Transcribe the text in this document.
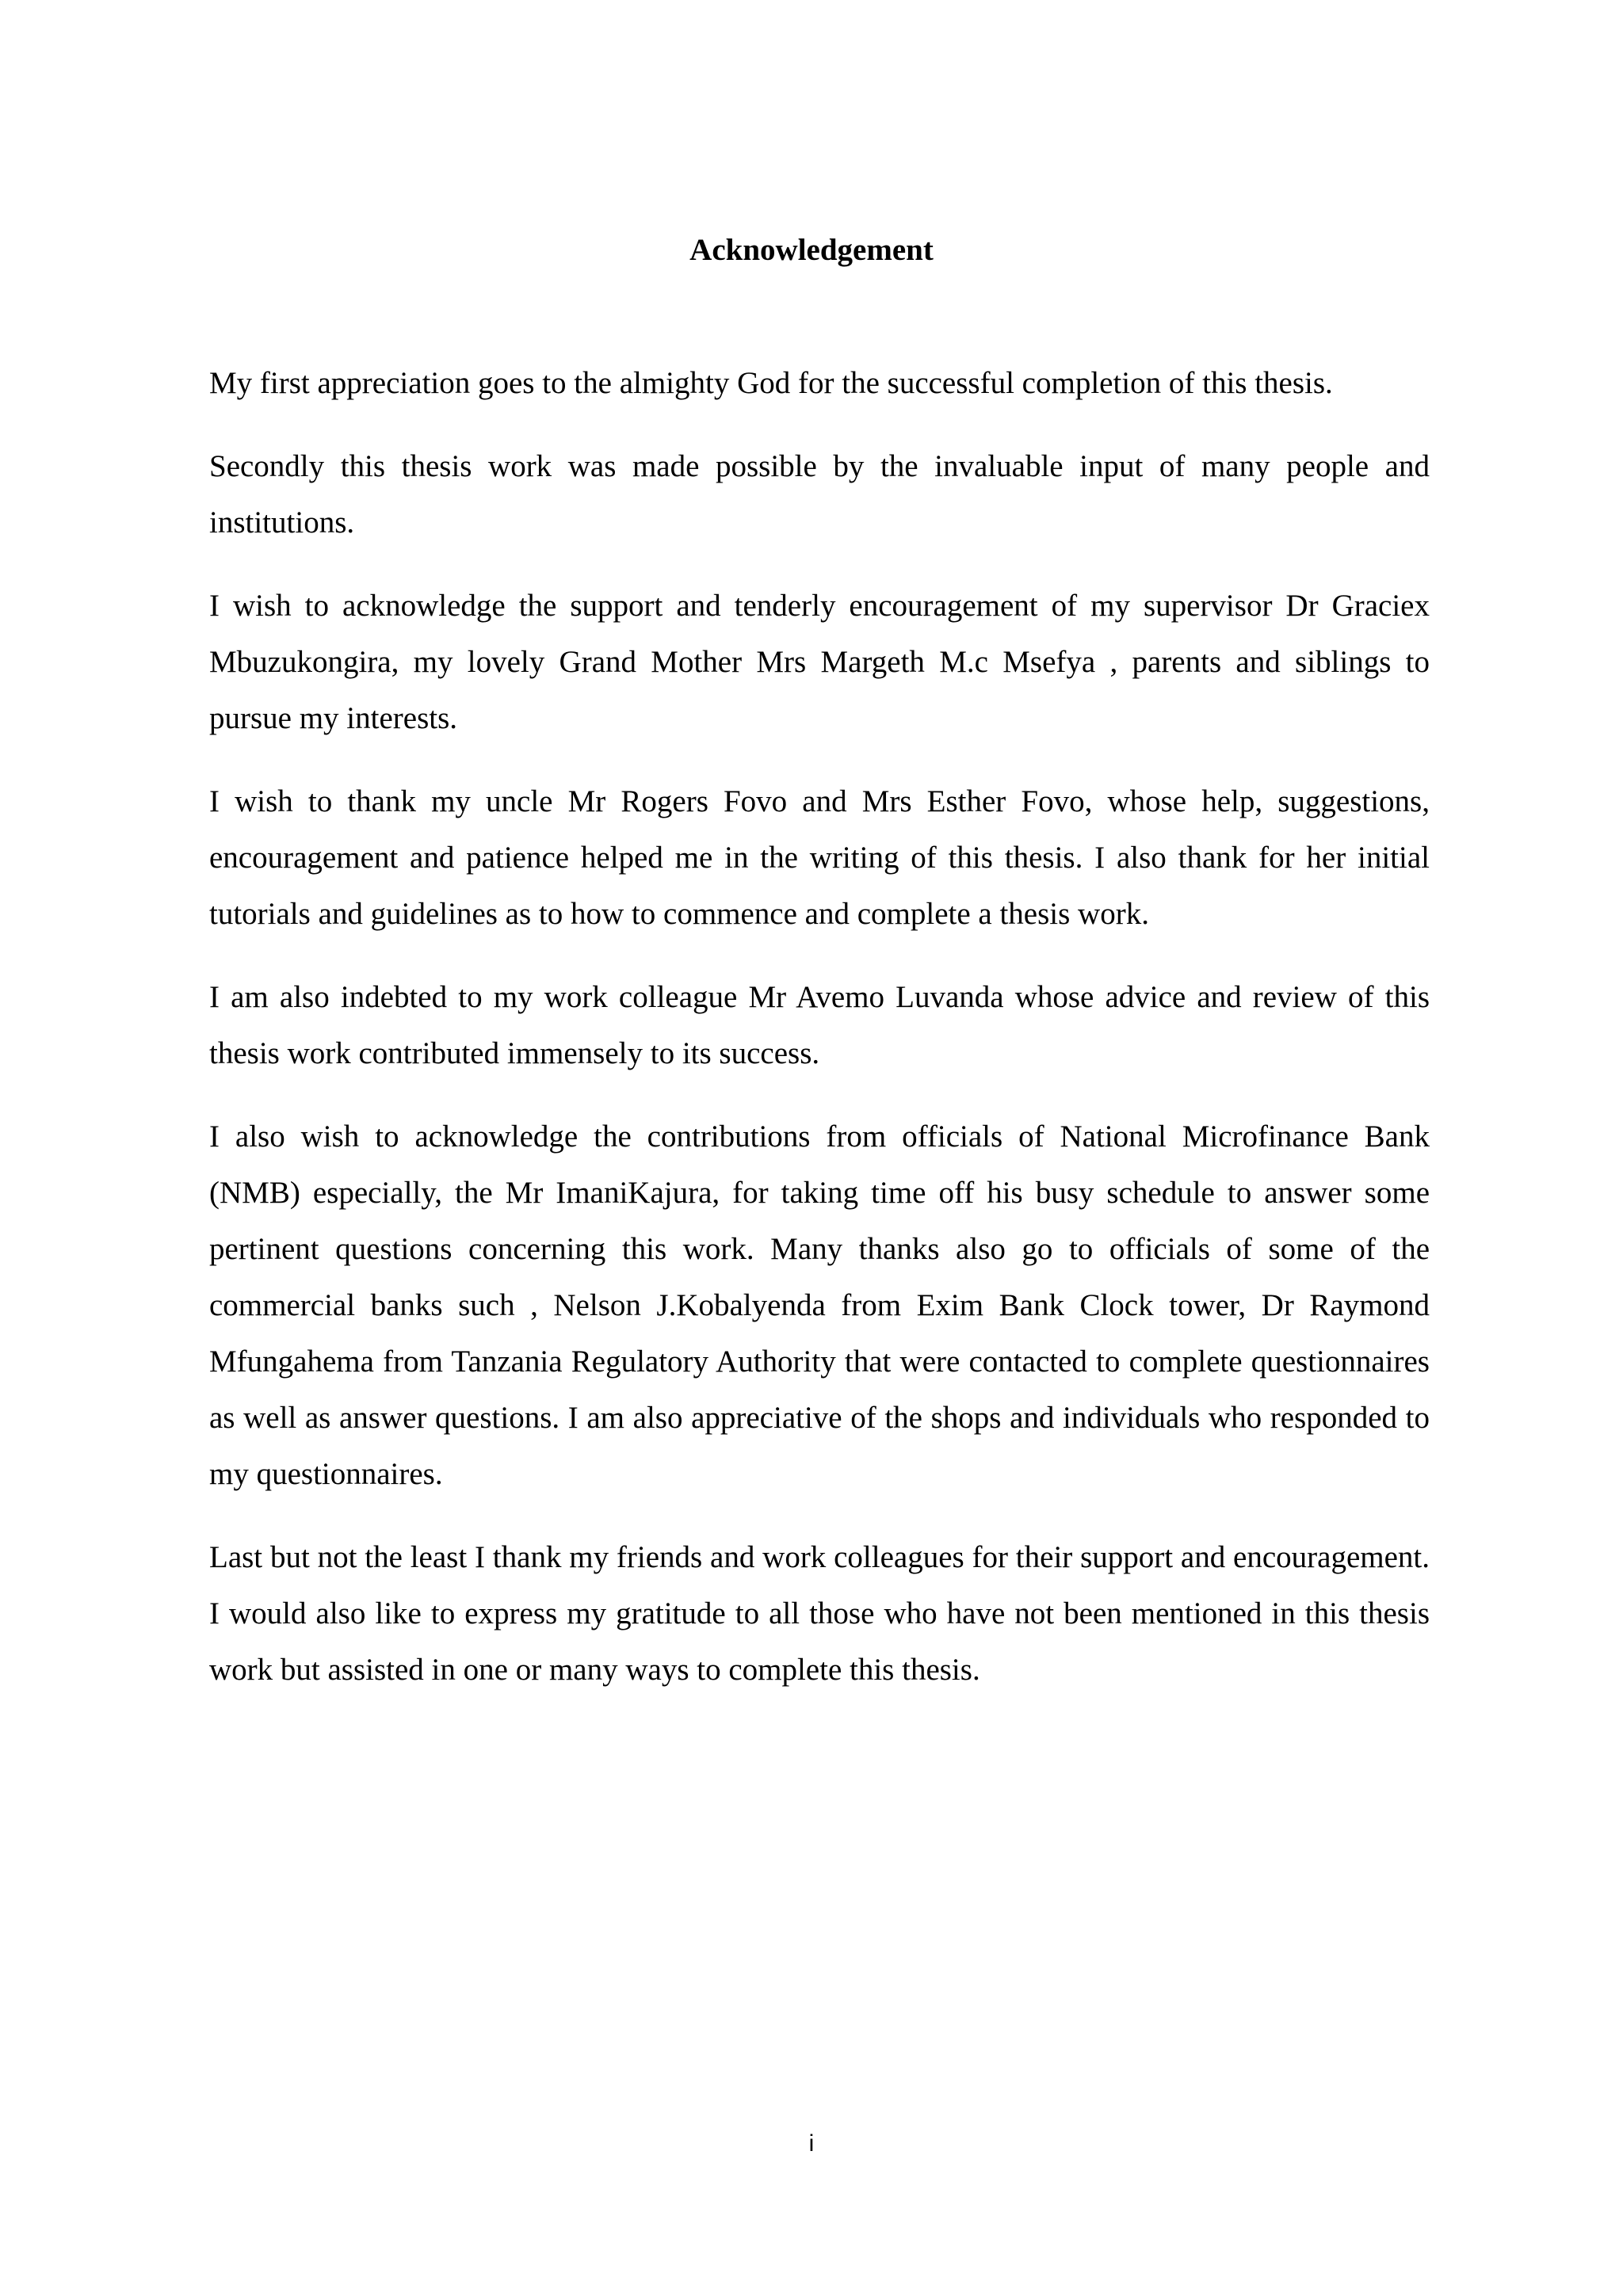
Acknowledgement

My first appreciation goes to the almighty God for the successful completion of this thesis.

Secondly this thesis work was made possible by the invaluable input of many people and institutions.

I wish to acknowledge the support and tenderly encouragement of my supervisor Dr Graciex Mbuzukongira, my lovely Grand Mother Mrs Margeth M.c Msefya , parents and siblings to pursue my interests.

I wish to thank my uncle Mr Rogers Fovo and Mrs Esther Fovo, whose help, suggestions, encouragement and patience helped me in the writing of this thesis. I also thank for her initial tutorials and guidelines as to how to commence and complete a thesis work.

I am also indebted to my work colleague Mr Avemo Luvanda whose advice and review of this thesis work contributed immensely to its success.

I also wish to acknowledge the contributions from officials of National Microfinance Bank (NMB) especially, the Mr ImaniKajura, for taking time off his busy schedule to answer some pertinent questions concerning this work. Many thanks also go to officials of some of the commercial banks such , Nelson J.Kobalyenda from Exim Bank Clock tower, Dr Raymond Mfungahema from Tanzania Regulatory Authority that were contacted to complete questionnaires as well as answer questions. I am also appreciative of the shops and individuals who responded to my questionnaires.

Last but not the least I thank my friends and work colleagues for their support and encouragement. I would also like to express my gratitude to all those who have not been mentioned in this thesis work but assisted in one or many ways to complete this thesis.

i
